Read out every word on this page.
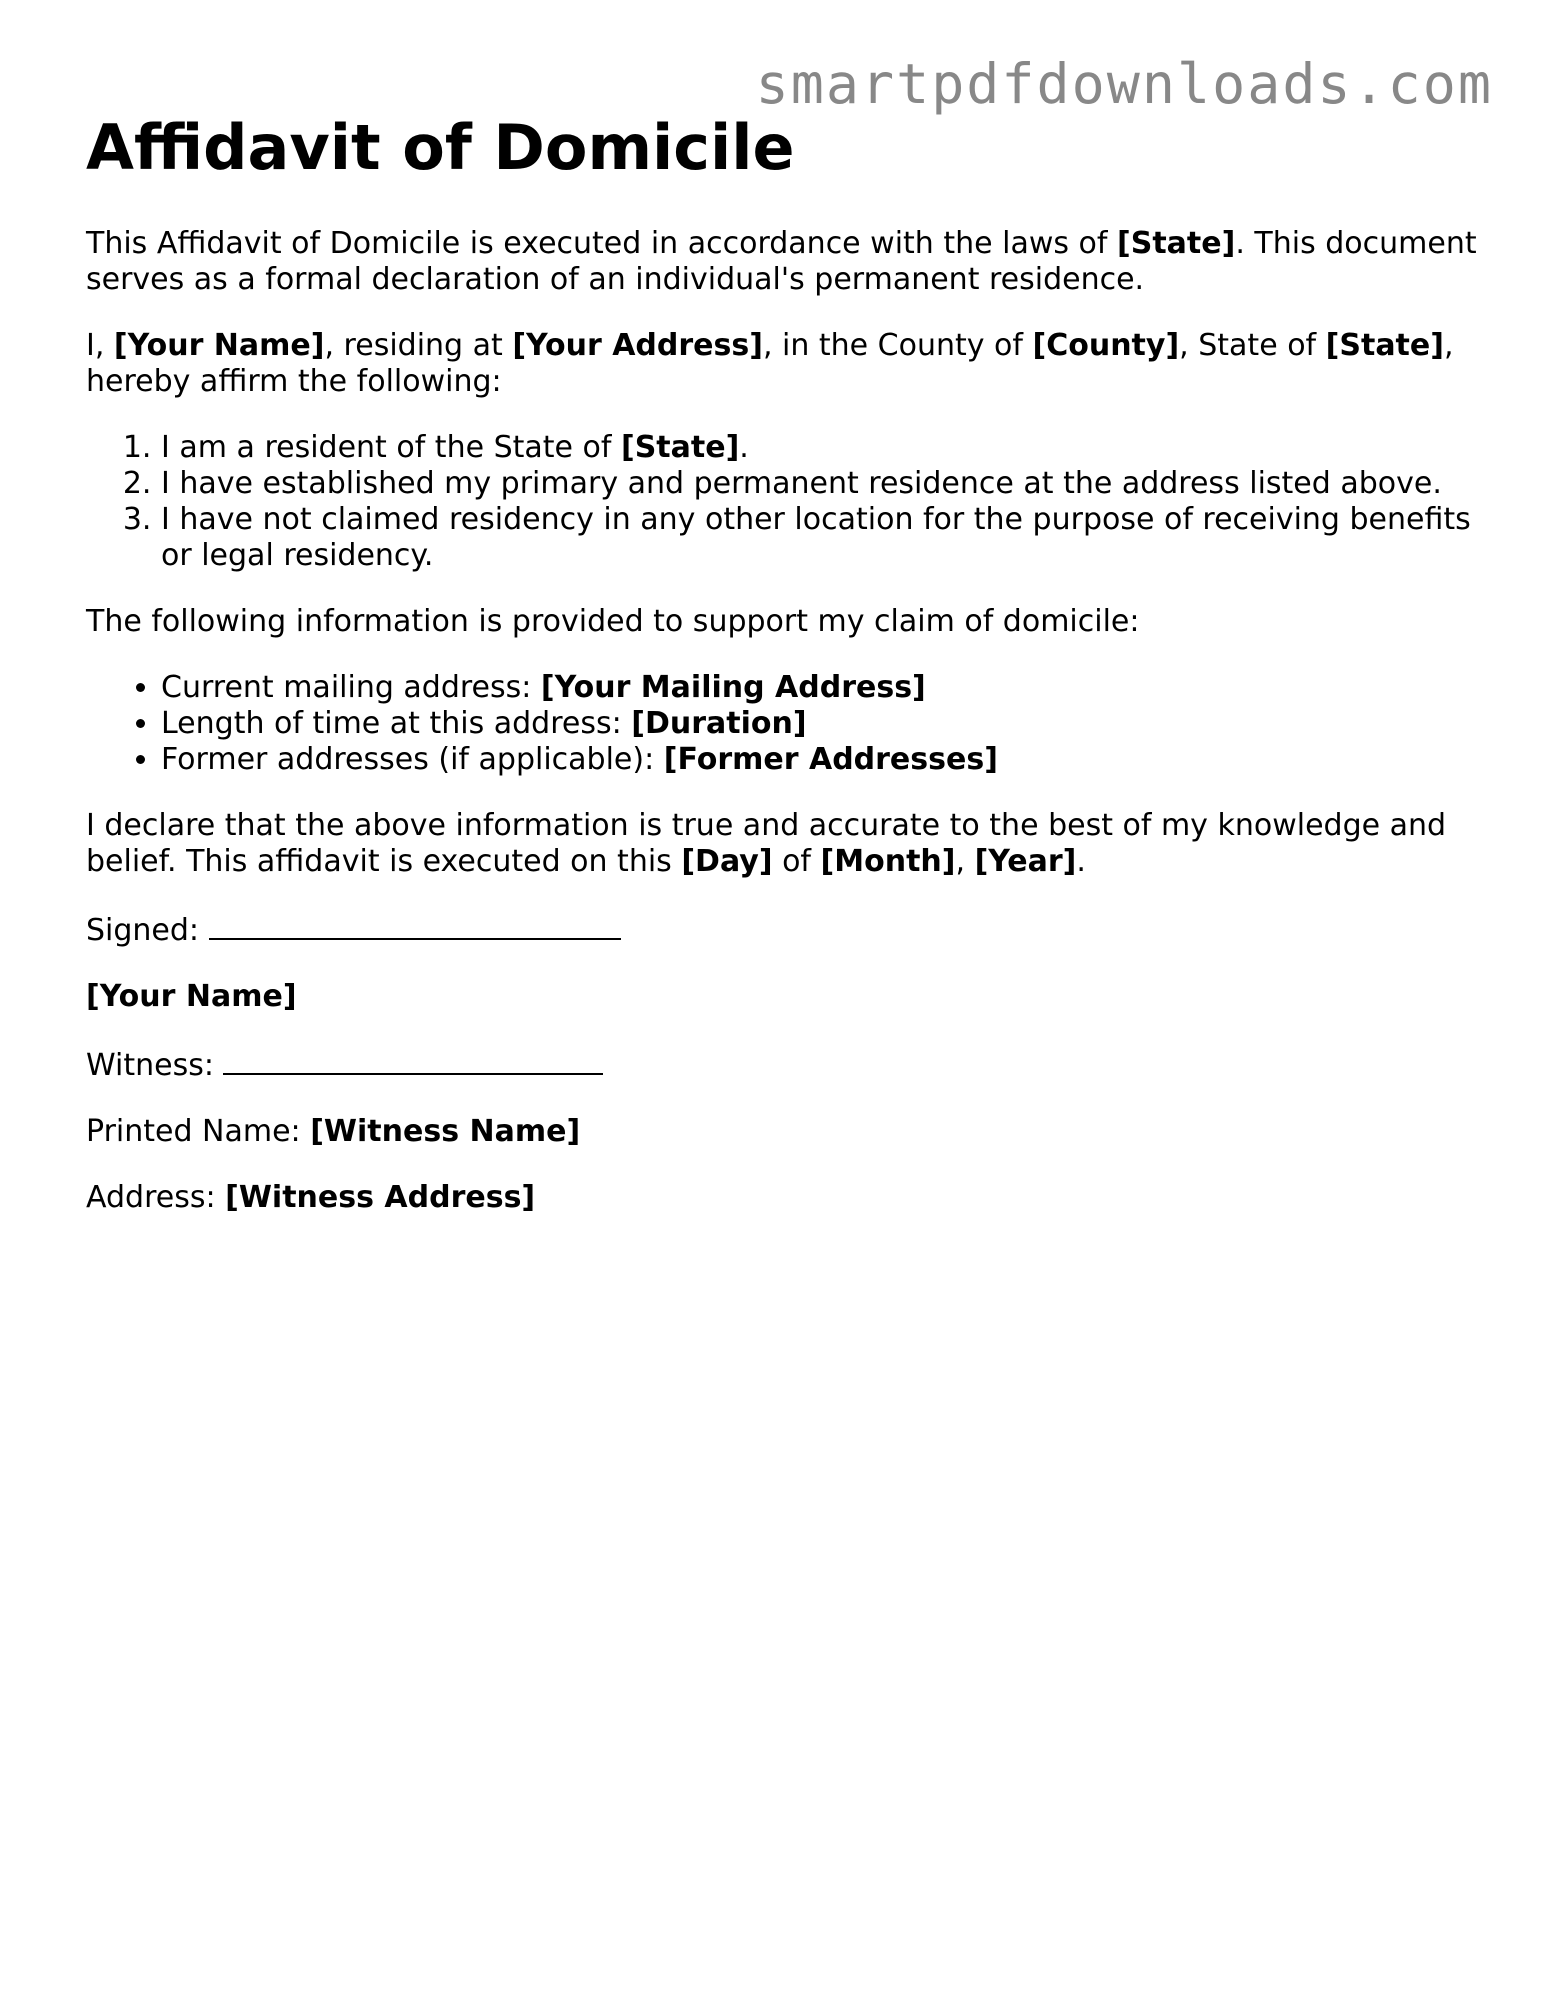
smartpdfdownloads.com
Affidavit of Domicile

This Affidavit of Domicile is executed in accordance with the laws of [State]. This document serves as a formal declaration of an individual's permanent residence.

I, [Your Name], residing at [Your Address], in the County of [County], State of [State], hereby affirm the following:

1. I am a resident of the State of [State].
2. I have established my primary and permanent residence at the address listed above.
3. I have not claimed residency in any other location for the purpose of receiving benefits or legal residency.

The following information is provided to support my claim of domicile:

• Current mailing address: [Your Mailing Address]
• Length of time at this address: [Duration]
• Former addresses (if applicable): [Former Addresses]

I declare that the above information is true and accurate to the best of my knowledge and belief. This affidavit is executed on this [Day] of [Month], [Year].

Signed:

[Your Name]

Witness:

Printed Name: [Witness Name]

Address: [Witness Address]
